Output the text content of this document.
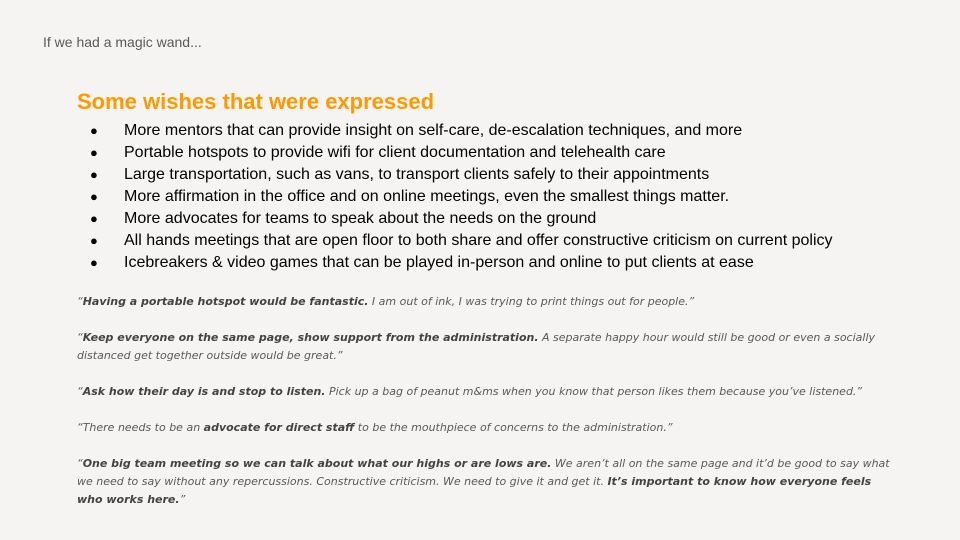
If we had a magic wand...
Some wishes that were expressed
●	More mentors that can provide insight on self-care, de-escalation techniques, and more
●	Portable hotspots to provide wifi for client documentation and telehealth care
●	Large transportation, such as vans, to transport clients safely to their appointments
●	More affirmation in the office and on online meetings, even the smallest things matter.
●	More advocates for teams to speak about the needs on the ground
●	All hands meetings that are open floor to both share and offer constructive criticism on current policy
●	Icebreakers & video games that can be played in-person and online to put clients at ease

“Having a portable hotspot would be fantastic. I am out of ink, I was trying to print things out for people.”

“Keep everyone on the same page, show support from the administration. A separate happy hour would still be good or even a socially distanced get together outside would be great.”

“Ask how their day is and stop to listen. Pick up a bag of peanut m&ms when you know that person likes them because you’ve listened.”

“There needs to be an advocate for direct staff to be the mouthpiece of concerns to the administration.”

“One big team meeting so we can talk about what our highs or are lows are. We aren’t all on the same page and it’d be good to say what we need to say without any repercussions. Constructive criticism. We need to give it and get it. It’s important to know how everyone feels who works here.”
